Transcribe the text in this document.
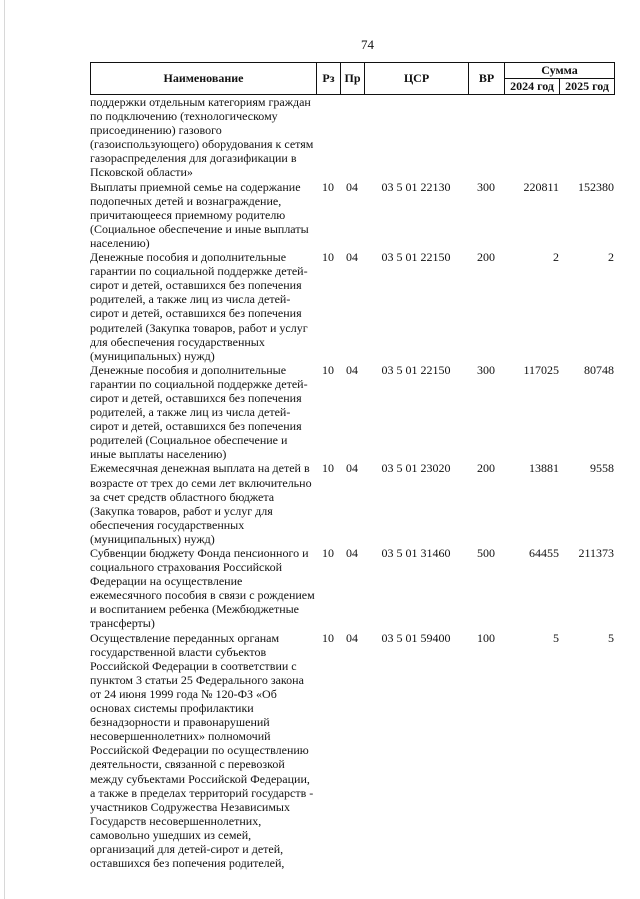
74
Наименование	Рз	Пр	ЦСР	ВР	Сумма	
					2024 год	2025 год
поддержки отдельным категориям граждан по подключению (технологическому присоединению) газового (газоиспользующего) оборудования к сетям газораспределения для догазификации в Псковской области»						
Выплаты приемной семье на содержание подопечных детей и вознаграждение, причитающееся приемному родителю (Социальное обеспечение и иные выплаты населению)	10	04	03 5 01 22130	300	220811	152380
Денежные пособия и дополнительные гарантии по социальной поддержке детей-сирот и детей, оставшихся без попечения родителей, а также лиц из числа детей-сирот и детей, оставшихся без попечения родителей (Закупка товаров, работ и услуг для обеспечения государственных (муниципальных) нужд)	10	04	03 5 01 22150	200	2	2
Денежные пособия и дополнительные гарантии по социальной поддержке детей-сирот и детей, оставшихся без попечения родителей, а также лиц из числа детей-сирот и детей, оставшихся без попечения родителей (Социальное обеспечение и иные выплаты населению)	10	04	03 5 01 22150	300	117025	80748
Ежемесячная денежная выплата на детей в возрасте от трех до семи лет включительно за счет средств областного бюджета (Закупка товаров, работ и услуг для обеспечения государственных (муниципальных) нужд)	10	04	03 5 01 23020	200	13881	9558
Субвенции бюджету Фонда пенсионного и социального страхования Российской Федерации на осуществление ежемесячного пособия в связи с рождением и воспитанием ребенка (Межбюджетные трансферты)	10	04	03 5 01 31460	500	64455	211373
Осуществление переданных органам государственной власти субъектов Российской Федерации в соответствии с пунктом 3 статьи 25 Федерального закона от 24 июня 1999 года № 120-ФЗ «Об основах системы профилактики безнадзорности и правонарушений несовершеннолетних» полномочий Российской Федерации по осуществлению деятельности, связанной с перевозкой между субъектами Российской Федерации, а также в пределах территорий государств - участников Содружества Независимых Государств несовершеннолетних, самовольно ушедших из семей, организаций для детей-сирот и детей, оставшихся без попечения родителей,	10	04	03 5 01 59400	100	5	5
